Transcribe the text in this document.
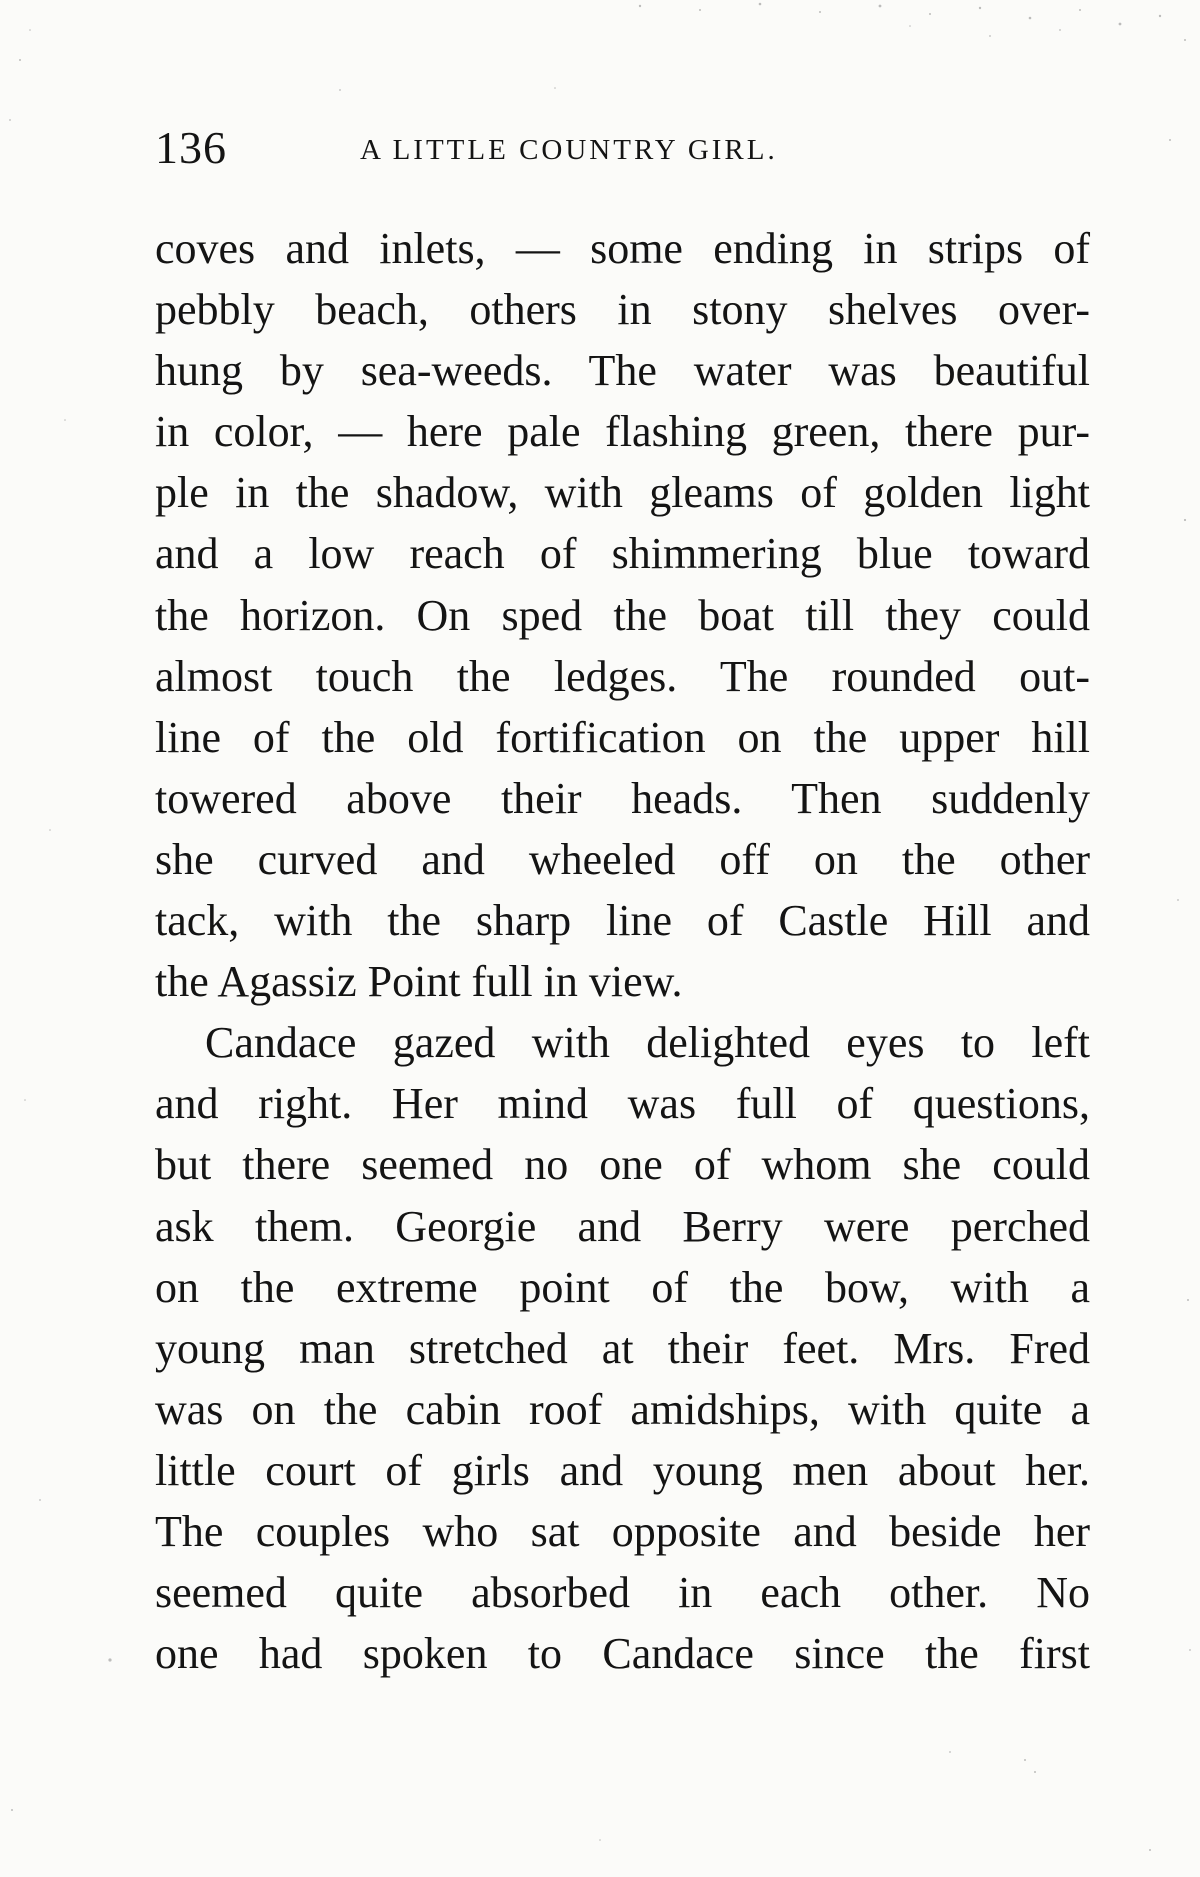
136	A LITTLE COUNTRY GIRL.
coves and inlets, — some ending in strips of
pebbly beach, others in stony shelves over-
hung by sea-weeds. The water was beautiful
in color, — here pale flashing green, there pur-
ple in the shadow, with gleams of golden light
and a low reach of shimmering blue toward
the horizon. On sped the boat till they could
almost touch the ledges. The rounded out-
line of the old fortification on the upper hill
towered above their heads. Then suddenly
she curved and wheeled off on the other
tack, with the sharp line of Castle Hill and
the Agassiz Point full in view.
Candace gazed with delighted eyes to left
and right. Her mind was full of questions,
but there seemed no one of whom she could
ask them. Georgie and Berry were perched
on the extreme point of the bow, with a
young man stretched at their feet. Mrs. Fred
was on the cabin roof amidships, with quite a
little court of girls and young men about her.
The couples who sat opposite and beside her
seemed quite absorbed in each other. No
one had spoken to Candace since the first
